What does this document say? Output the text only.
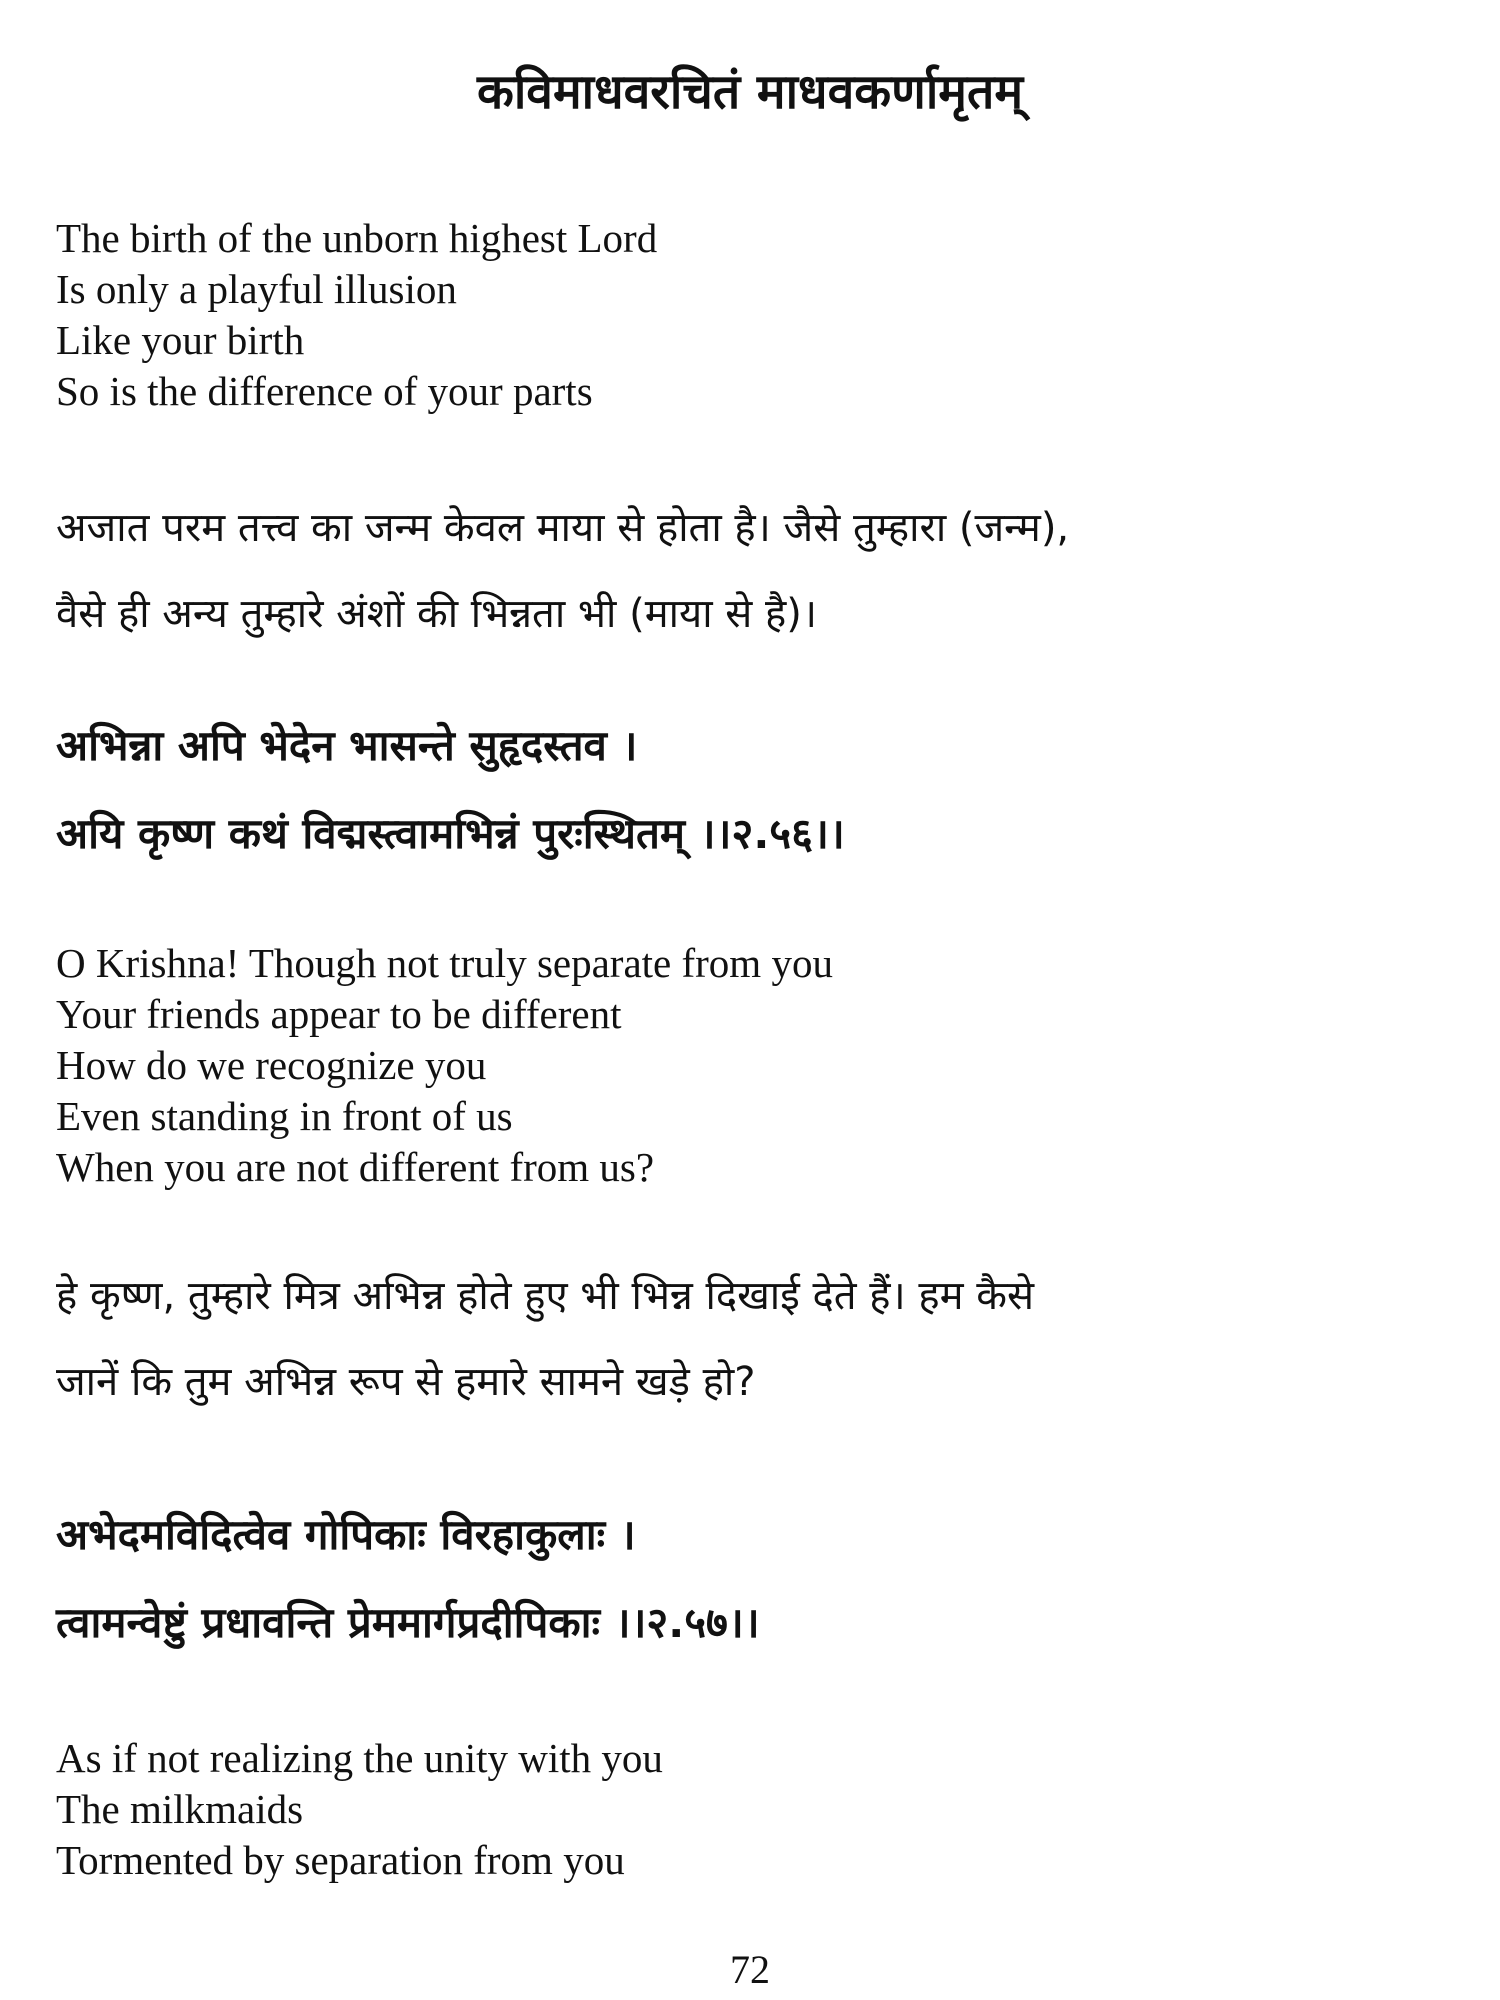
कविमाधवरचितं माधवकर्णामृतम्
The birth of the unborn highest Lord
Is only a playful illusion
Like your birth
So is the difference of your parts
अजात परम तत्त्व का जन्म केवल माया से होता है। जैसे तुम्हारा (जन्म),
वैसे ही अन्य तुम्हारे अंशों की भिन्नता भी (माया से है)।
अभिन्ना अपि भेदेन भासन्ते सुहृदस्तव ।
अयि कृष्ण कथं विद्मस्त्वामभिन्नं पुरःस्थितम् ।।२.५६।।
O Krishna! Though not truly separate from you
Your friends appear to be different
How do we recognize you
Even standing in front of us
When you are not different from us?
हे कृष्ण, तुम्हारे मित्र अभिन्न होते हुए भी भिन्न दिखाई देते हैं। हम कैसे
जानें कि तुम अभिन्न रूप से हमारे सामने खड़े हो?
अभेदमविदित्वेव गोपिकाः विरहाकुलाः ।
त्वामन्वेष्टुं प्रधावन्ति प्रेममार्गप्रदीपिकाः ।।२.५७।।
As if not realizing the unity with you
The milkmaids
Tormented by separation from you
72
